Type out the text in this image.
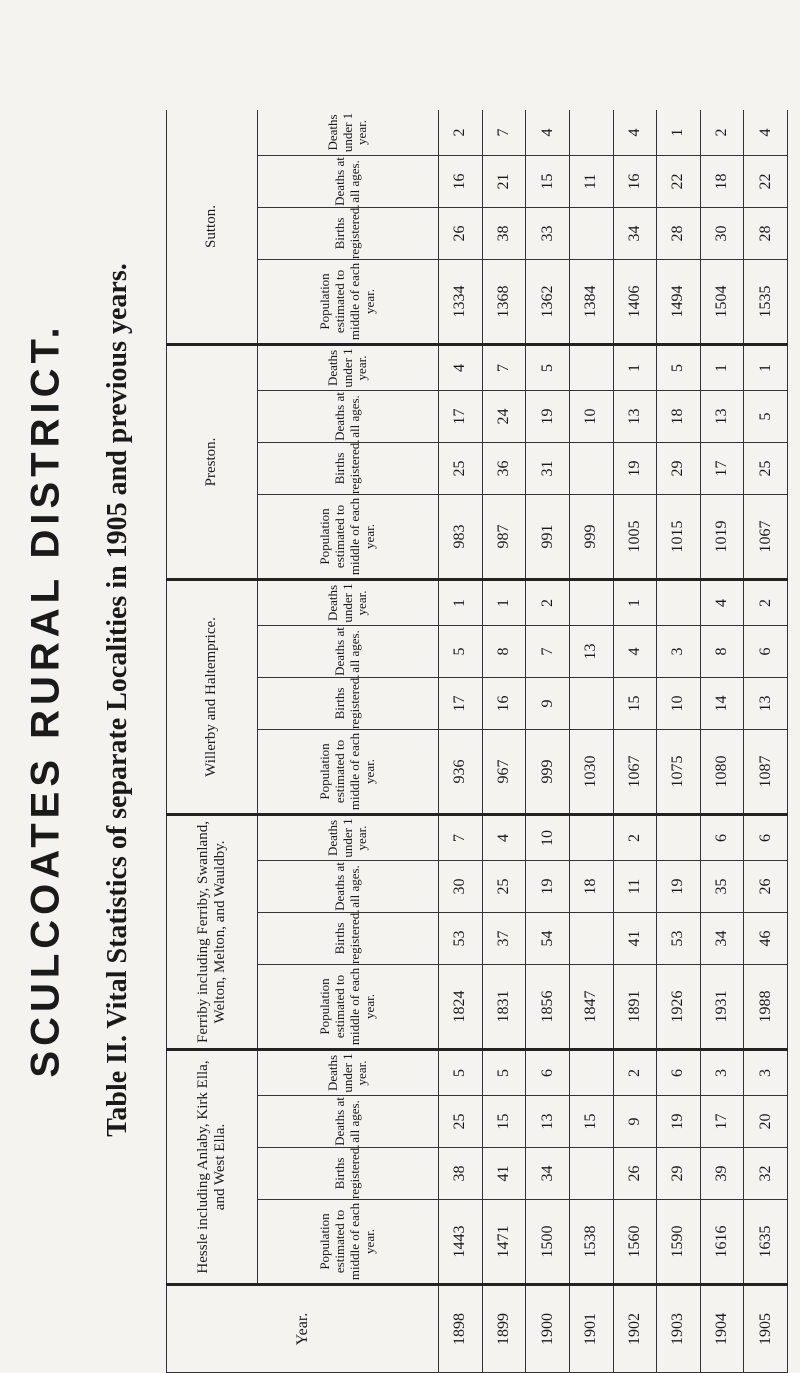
SCULCOATES RURAL DISTRICT. Table II. Vital Statistics of separate Localities in 1905 and previous years.
Year.	Hessle including Anlaby, Kirk Ella, and West Ella.				Ferriby including Ferriby, Swanland, Welton, Melton, and Wauldby.				Willerby and Haltemprice.				Preston.				Sutton.			
	Population estimated to middle of each year.	Births registered.	Deaths at all ages.	Deaths under 1 year.	Population estimated to middle of each year.	Births registered.	Deaths at all ages.	Deaths under 1 year.	Population estimated to middle of each year.	Births registered.	Deaths at all ages.	Deaths under 1 year.	Population estimated to middle of each year.	Births registered.	Deaths at all ages.	Deaths under 1 year.	Population estimated to middle of each year.	Births registered.	Deaths at all ages.	Deaths under 1 year.
1898	1443	38	25	5	1824	53	30	7	936	17	5	1	983	25	17	4	1334	26	16	2
1899	1471	41	15	5	1831	37	25	4	967	16	8	1	987	36	24	7	1368	38	21	7
1900	1500	34	13	6	1856	54	19	10	999	9	7	2	991	31	19	5	1362	33	15	4
1901	1538		15		1847		18		1030		13		999		10		1384		11	
1902	1560	26	9	2	1891	41	11	2	1067	15	4	1	1005	19	13	1	1406	34	16	4
1903	1590	29	19	6	1926	53	19		1075	10	3		1015	29	18	5	1494	28	22	1
1904	1616	39	17	3	1931	34	35	6	1080	14	8	4	1019	17	13	1	1504	30	18	2
1905	1635	32	20	3	1988	46	26	6	1087	13	6	2	1067	25	5	1	1535	28	22	4
